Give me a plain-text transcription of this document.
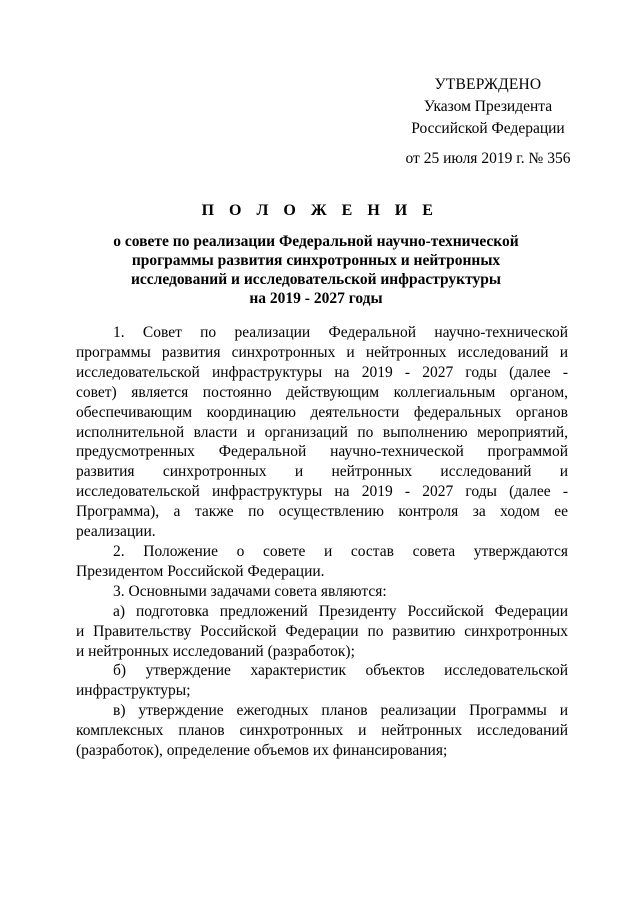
УТВЕРЖДЕНО
Указом Президента
Российской Федерации
от 25 июля 2019 г. № 356
П О Л О Ж Е Н И Е
о совете по реализации Федеральной научно-технической
программы развития синхротронных и нейтронных
исследований и исследовательской инфраструктуры
на 2019 - 2027 годы
1. Совет по реализации Федеральной научно-технической
программы развития синхротронных и нейтронных исследований и
исследовательской инфраструктуры на 2019 - 2027 годы (далее -
совет) является постоянно действующим коллегиальным органом,
обеспечивающим координацию деятельности федеральных органов
исполнительной власти и организаций по выполнению мероприятий,
предусмотренных Федеральной научно-технической программой
развития синхротронных и нейтронных исследований и
исследовательской инфраструктуры на 2019 - 2027 годы (далее -
Программа), а также по осуществлению контроля за ходом ее
реализации.
2. Положение о совете и состав совета утверждаются
Президентом Российской Федерации.
3. Основными задачами совета являются:
а) подготовка предложений Президенту Российской Федерации
и Правительству Российской Федерации по развитию синхротронных
и нейтронных исследований (разработок);
б) утверждение характеристик объектов исследовательской
инфраструктуры;
в) утверждение ежегодных планов реализации Программы и
комплексных планов синхротронных и нейтронных исследований
(разработок), определение объемов их финансирования;
